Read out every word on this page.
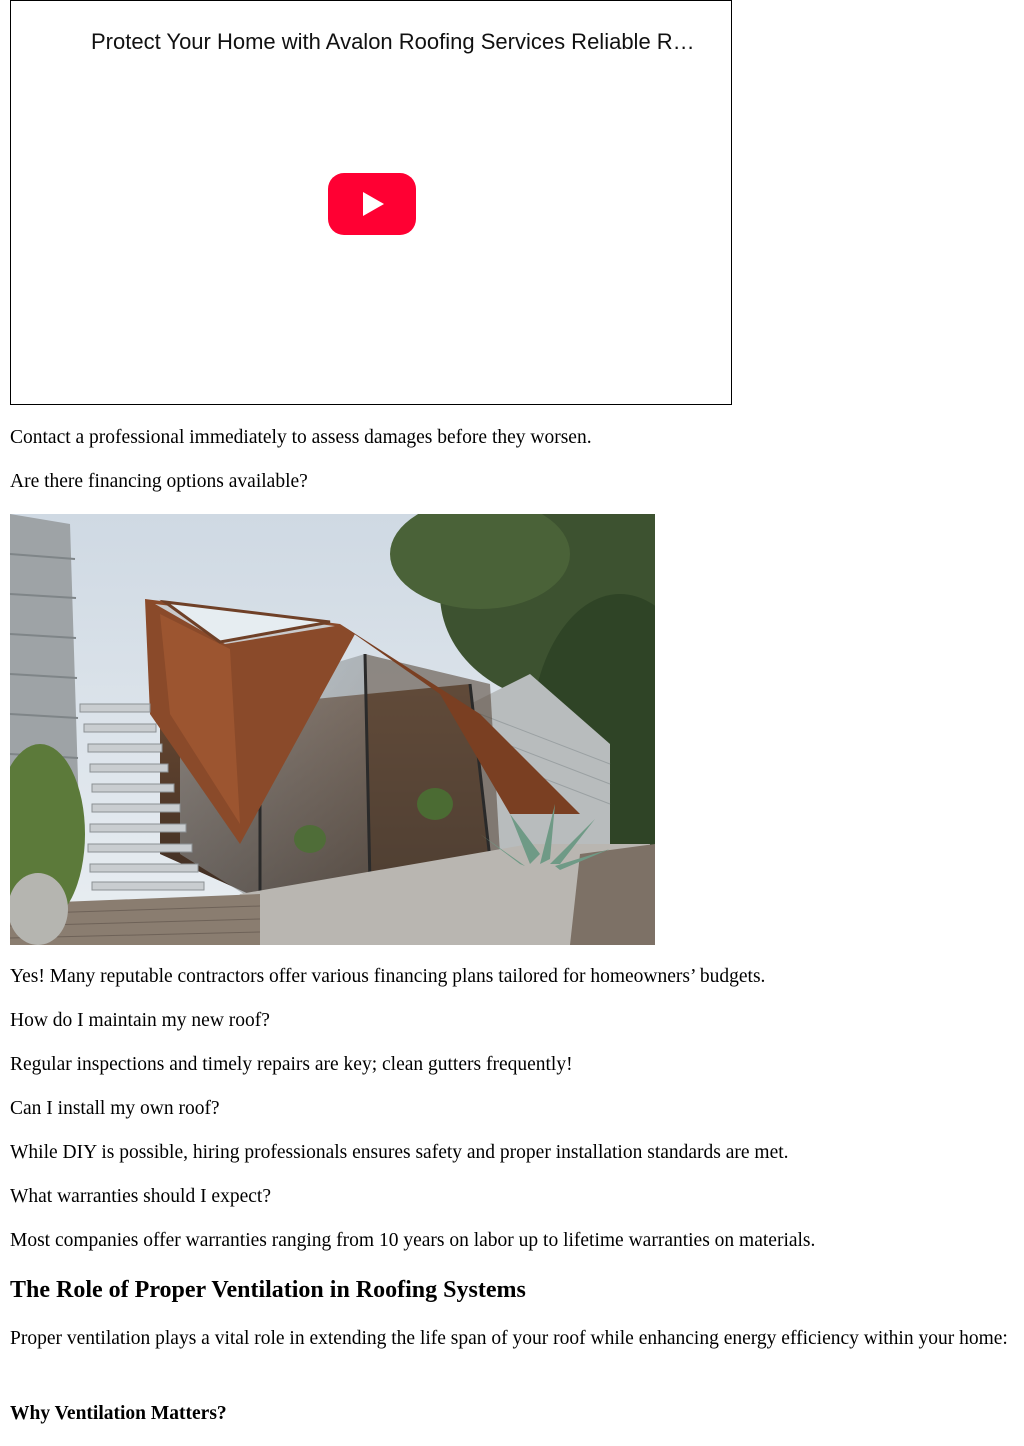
Protect Your Home with Avalon Roofing Services Reliable R…

Contact a professional immediately to assess damages before they worsen.

Are there financing options available?

Yes! Many reputable contractors offer various financing plans tailored for homeowners’ budgets.

How do I maintain my new roof?

Regular inspections and timely repairs are key; clean gutters frequently!

Can I install my own roof?

While DIY is possible, hiring professionals ensures safety and proper installation standards are met.

What warranties should I expect?

Most companies offer warranties ranging from 10 years on labor up to lifetime warranties on materials.

The Role of Proper Ventilation in Roofing Systems

Proper ventilation plays a vital role in extending the life span of your roof while enhancing energy efficiency within your home:

Why Ventilation Matters?
